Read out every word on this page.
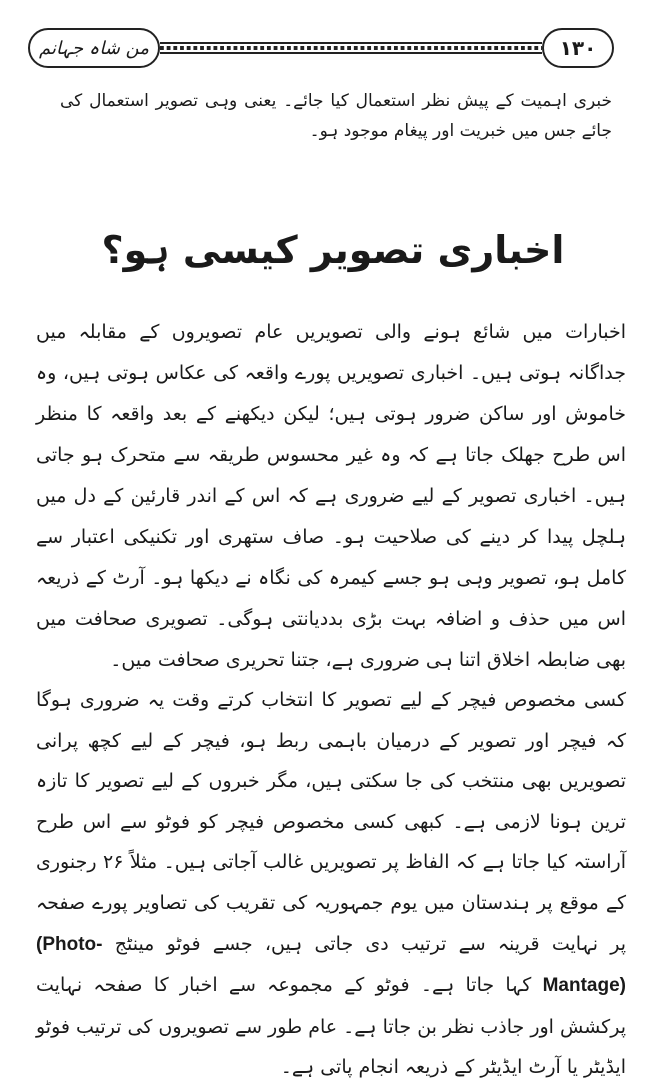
من شاہ جہانم	۱۳۰
خبری اہمیت کے پیش نظر استعمال کیا جائے۔ یعنی وہی تصویر استعمال کی جائے جس میں خبریت اور پیغام موجود ہو۔
اخباری تصویر کیسی ہو؟
اخبارات میں شائع ہونے والی تصویریں عام تصویروں کے مقابلہ میں جداگانہ ہوتی ہیں۔ اخباری تصویریں پورے واقعہ کی عکاس ہوتی ہیں، وہ خاموش اور ساکن ضرور ہوتی ہیں؛ لیکن دیکھنے کے بعد واقعہ کا منظر اس طرح جھلک جاتا ہے کہ وہ غیر محسوس طریقہ سے متحرک ہو جاتی ہیں۔ اخباری تصویر کے لیے ضروری ہے کہ اس کے اندر قارئین کے دل میں ہلچل پیدا کر دینے کی صلاحیت ہو۔ صاف ستھری اور تکنیکی اعتبار سے کامل ہو، تصویر وہی ہو جسے کیمرہ کی نگاہ نے دیکھا ہو۔ آرٹ کے ذریعہ اس میں حذف و اضافہ بہت بڑی بددیانتی ہوگی۔ تصویری صحافت میں بھی ضابطہ اخلاق اتنا ہی ضروری ہے، جتنا تحریری صحافت میں۔
کسی مخصوص فیچر کے لیے تصویر کا انتخاب کرتے وقت یہ ضروری ہوگا کہ فیچر اور تصویر کے درمیان باہمی ربط ہو، فیچر کے لیے کچھ پرانی تصویریں بھی منتخب کی جا سکتی ہیں، مگر خبروں کے لیے تصویر کا تازہ ترین ہونا لازمی ہے۔ کبھی کسی مخصوص فیچر کو فوٹو سے اس طرح آراستہ کیا جاتا ہے کہ الفاظ پر تصویریں غالب آجاتی ہیں۔ مثلاً ۲۶ رجنوری کے موقع پر ہندستان میں یوم جمہوریہ کی تقریب کی تصاویر پورے صفحہ پر نہایت قرینہ سے ترتیب دی جاتی ہیں، جسے فوٹو مینٹج (Photo-Mantage) کہا جاتا ہے۔ فوٹو کے مجموعہ سے اخبار کا صفحہ نہایت پرکشش اور جاذب نظر بن جاتا ہے۔ عام طور سے تصویروں کی ترتیب فوٹو ایڈیٹر یا آرٹ ایڈیٹر کے ذریعہ انجام پاتی ہے۔
